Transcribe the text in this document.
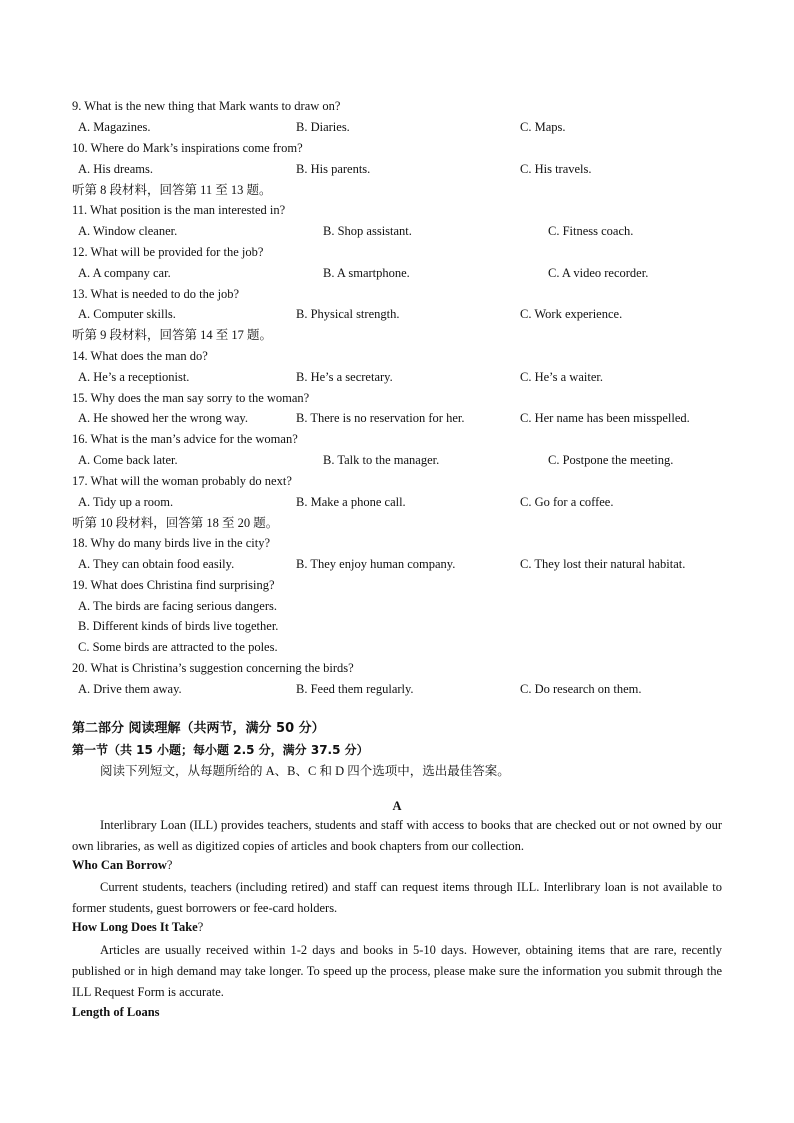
9. What is the new thing that Mark wants to draw on?
A. Magazines.	B. Diaries.	C. Maps.
10. Where do Mark’s inspirations come from?
A. His dreams.	B. His parents.	C. His travels.
听第 8 段材料，回答第 11 至 13 题。
11. What position is the man interested in?
A. Window cleaner.	B. Shop assistant.	C. Fitness coach.
12. What will be provided for the job?
A. A company car.	B. A smartphone.	C. A video recorder.
13. What is needed to do the job?
A. Computer skills.	B. Physical strength.	C. Work experience.
听第 9 段材料，回答第 14 至 17 题。
14. What does the man do?
A. He’s a receptionist.	B. He’s a secretary.	C. He’s a waiter.
15. Why does the man say sorry to the woman?
A. He showed her the wrong way.	B. There is no reservation for her.	C. Her name has been misspelled.
16. What is the man’s advice for the woman?
A. Come back later.	B. Talk to the manager.	C. Postpone the meeting.
17. What will the woman probably do next?
A. Tidy up a room.	B. Make a phone call.	C. Go for a coffee.
听第 10 段材料，回答第 18 至 20 题。
18. Why do many birds live in the city?
A. They can obtain food easily.	B. They enjoy human company.	C. They lost their natural habitat.
19. What does Christina find surprising?
A. The birds are facing serious dangers.
B. Different kinds of birds live together.
C. Some birds are attracted to the poles.
20. What is Christina’s suggestion concerning the birds?
A. Drive them away.	B. Feed them regularly.	C. Do research on them.
第二部分 阅读理解（共两节，满分 50 分）
第一节（共 15 小题；每小题 2.5 分，满分 37.5 分）
阅读下列短文，从每题所给的 A、B、C 和 D 四个选项中，选出最佳答案。
A
Interlibrary Loan (ILL) provides teachers, students and staff with access to books that are checked out or not owned by our own libraries, as well as digitized copies of articles and book chapters from our collection.
Who Can Borrow?
Current students, teachers (including retired) and staff can request items through ILL. Interlibrary loan is not available to former students, guest borrowers or fee-card holders.
How Long Does It Take?
Articles are usually received within 1-2 days and books in 5-10 days. However, obtaining items that are rare, recently published or in high demand may take longer. To speed up the process, please make sure the information you submit through the ILL Request Form is accurate.
Length of Loans
